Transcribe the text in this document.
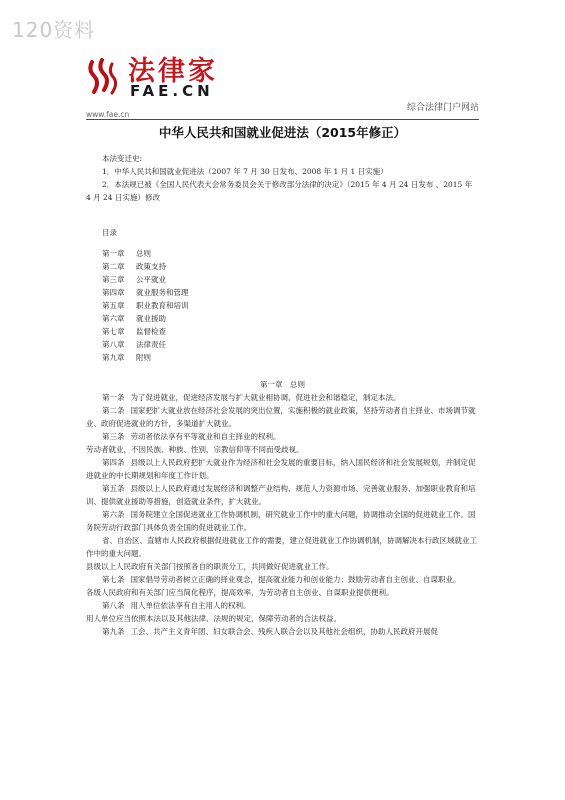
120资料
法律家
FAE.CN
www.fae.cn
综合法律门户网站
中华人民共和国就业促进法（2015年修正）

本法变迁史:

1．中华人民共和国就业促进法（2007 年 7 月 30 日发布、2008 年 1 月 1 日实施）

2．本法规已被《全国人民代表大会常务委员会关于修改部分法律的决定》（2015 年 4 月 24 日发布 、2015 年 4 月 24 日实施）修改

目录

第一章 总则

第二章 政策支持

第三章 公平就业

第四章 就业服务和管理

第五章 职业教育和培训

第六章 就业援助

第七章 监督检查

第八章 法律责任

第九章 附则

第一章　总则

第一条 为了促进就业，促进经济发展与扩大就业相协调，促进社会和谐稳定，制定本法。

第二条 国家把扩大就业放在经济社会发展的突出位置，实施积极的就业政策，坚持劳动者自主择业、市场调节就业、政府促进就业的方针，多渠道扩大就业。

第三条 劳动者依法享有平等就业和自主择业的权利。

劳动者就业，不因民族、种族、性别、宗教信仰等不同而受歧视。

第四条 县级以上人民政府把扩大就业作为经济和社会发展的重要目标，纳入国民经济和社会发展规划，并制定促进就业的中长期规划和年度工作计划。

第五条 县级以上人民政府通过发展经济和调整产业结构、规范人力资源市场、完善就业服务、加强职业教育和培训、提供就业援助等措施，创造就业条件，扩大就业。

第六条 国务院建立全国促进就业工作协调机制，研究就业工作中的重大问题，协调推动全国的促进就业工作。国务院劳动行政部门具体负责全国的促进就业工作。

省、自治区、直辖市人民政府根据促进就业工作的需要，建立促进就业工作协调机制，协调解决本行政区域就业工作中的重大问题。

县级以上人民政府有关部门按照各自的职责分工，共同做好促进就业工作。

第七条 国家倡导劳动者树立正确的择业观念，提高就业能力和创业能力；鼓励劳动者自主创业、自谋职业。

各级人民政府和有关部门应当简化程序，提高效率，为劳动者自主创业、自谋职业提供便利。

第八条 用人单位依法享有自主用人的权利。

用人单位应当依照本法以及其他法律、法规的规定，保障劳动者的合法权益。

第九条 工会、共产主义青年团、妇女联合会、残疾人联合会以及其他社会组织，协助人民政府开展促
